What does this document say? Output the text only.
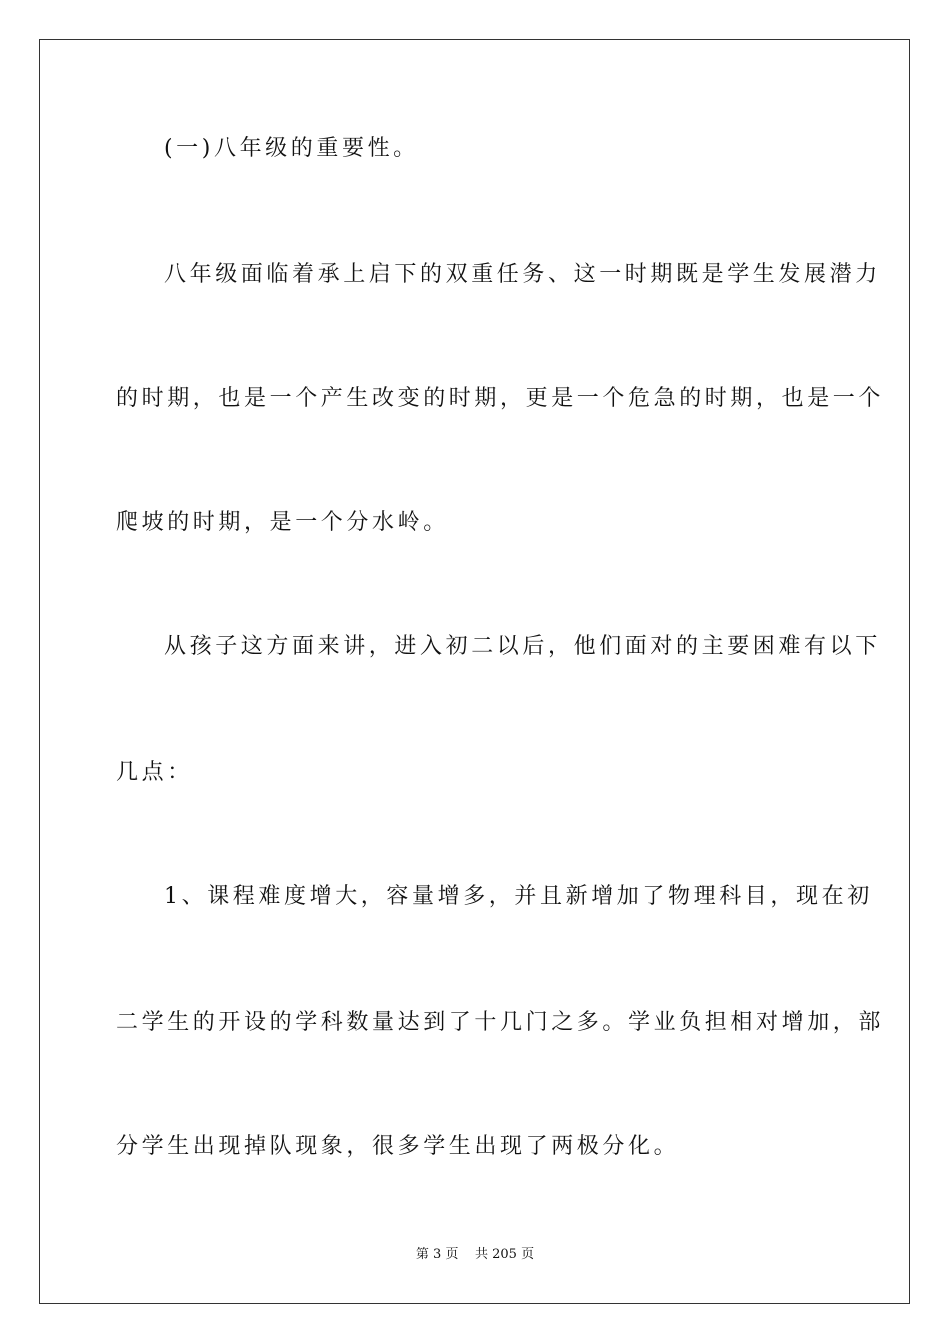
(一)八年级的重要性。
八年级面临着承上启下的双重任务、这一时期既是学生发展潜力
的时期，也是一个产生改变的时期，更是一个危急的时期，也是一个
爬坡的时期，是一个分水岭。
从孩子这方面来讲，进入初二以后，他们面对的主要困难有以下
几点：
1、课程难度增大，容量增多，并且新增加了物理科目，现在初
二学生的开设的学科数量达到了十几门之多。学业负担相对增加，部
分学生出现掉队现象，很多学生出现了两极分化。
第 3 页    共 205 页
